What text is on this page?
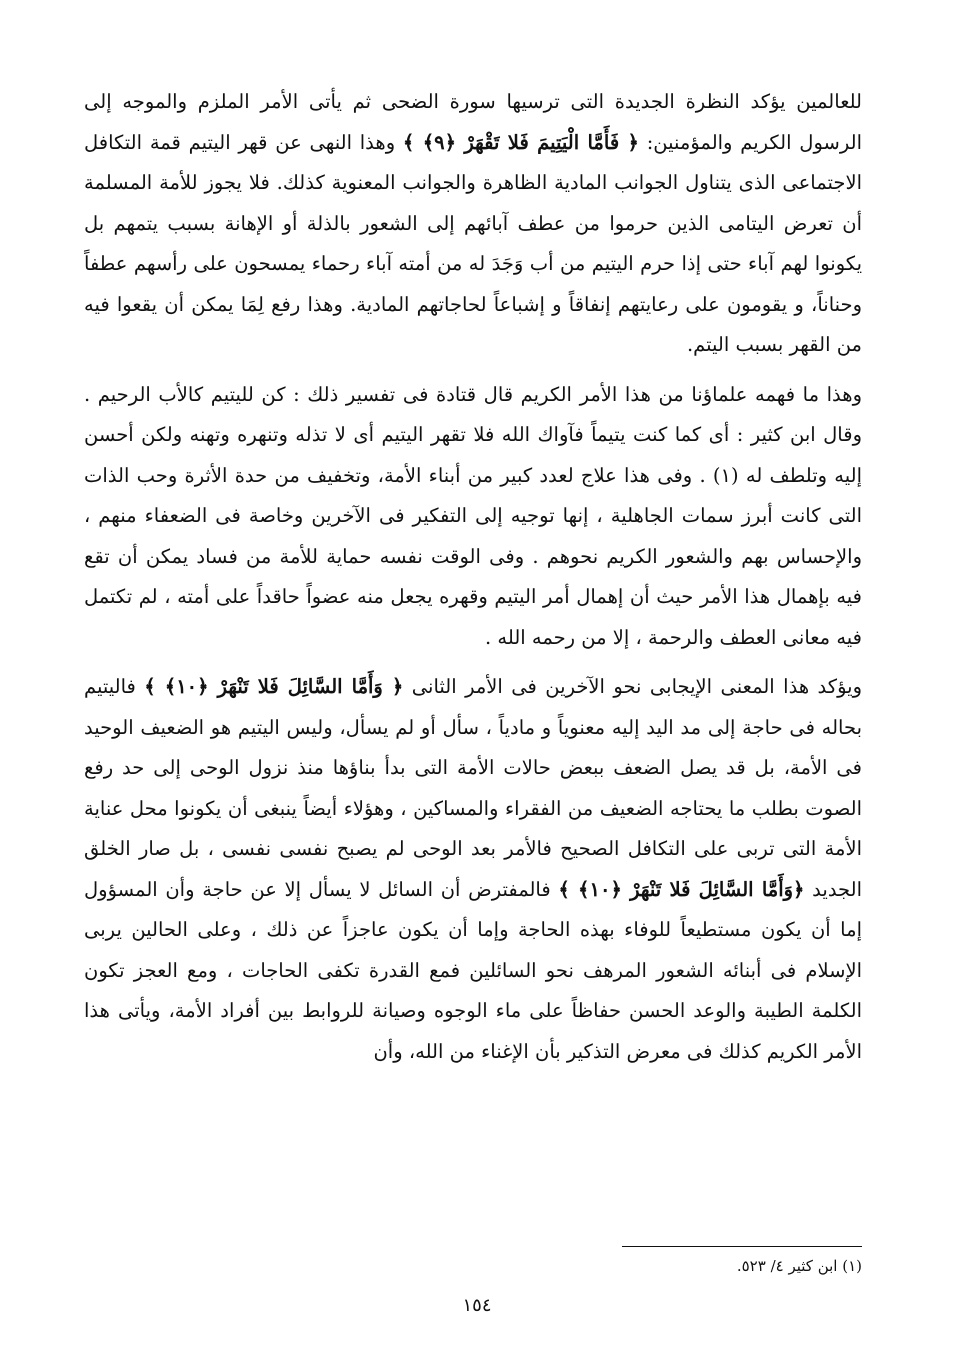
للعالمين يؤكد النظرة الجديدة التى ترسيها سورة الضحى ثم يأتى الأمر الملزم والموجه إلى الرسول الكريم والمؤمنين: ﴿ فَأَمَّا الْيَتِيمَ فَلا تَقْهَرْ ﴿٩﴾ ﴾ وهذا النهى عن قهر اليتيم قمة التكافل الاجتماعى الذى يتناول الجوانب المادية الظاهرة والجوانب المعنوية كذلك. فلا يجوز للأمة المسلمة أن تعرض اليتامى الذين حرموا من عطف آبائهم إلى الشعور بالذلة أو الإهانة بسبب يتمهم بل يكونوا لهم آباء حتى إذا حرم اليتيم من أب وَجَدَ له من أمته آباء رحماء يمسحون على رأسهم عطفاً وحناناً، و يقومون على رعايتهم إنفاقاً و إشباعاً لحاجاتهم المادية. وهذا رفع لِمَا يمكن أن يقعوا فيه من القهر بسبب اليتم.

وهذا ما فهمه علماؤنا من هذا الأمر الكريم قال قتادة فى تفسير ذلك : كن لليتيم كالأب الرحيم . وقال ابن كثير : أى كما كنت يتيماً فآواك الله فلا تقهر اليتيم أى لا تذله وتنهره وتهنه ولكن أحسن إليه وتلطف له (١) . وفى هذا علاج لعدد كبير من أبناء الأمة، وتخفيف من حدة الأثرة وحب الذات التى كانت أبرز سمات الجاهلية ، إنها توجيه إلى التفكير فى الآخرين وخاصة فى الضعفاء منهم ، والإحساس بهم والشعور الكريم نحوهم . وفى الوقت نفسه حماية للأمة من فساد يمكن أن تقع فيه بإهمال هذا الأمر حيث أن إهمال أمر اليتيم وقهره يجعل منه عضواً حاقداً على أمته ، لم تكتمل فيه معانى العطف والرحمة ، إلا من رحمه الله .

ويؤكد هذا المعنى الإيجابى نحو الآخرين فى الأمر الثانى ﴿ وَأَمَّا السَّائِلَ فَلا تَنْهَرْ ﴿١٠﴾ ﴾ فاليتيم بحاله فى حاجة إلى مد اليد إليه معنوياً و مادياً ، سأل أو لم يسأل، وليس اليتيم هو الضعيف الوحيد فى الأمة، بل قد يصل الضعف ببعض حالات الأمة التى بدأ بناؤها منذ نزول الوحى إلى حد رفع الصوت بطلب ما يحتاجه الضعيف من الفقراء والمساكين ، وهؤلاء أيضاً ينبغى أن يكونوا محل عناية الأمة التى تربى على التكافل الصحيح فالأمر بعد الوحى لم يصبح نفسى نفسى ، بل صار الخلق الجديد ﴿وَأَمَّا السَّائِلَ فَلا تَنْهَرْ ﴿١٠﴾ ﴾ فالمفترض أن السائل لا يسأل إلا عن حاجة وأن المسؤول إما أن يكون مستطيعاً للوفاء بهذه الحاجة وإما أن يكون عاجزاً عن ذلك ، وعلى الحالين يربى الإسلام فى أبنائه الشعور المرهف نحو السائلين فمع القدرة تكفى الحاجات ، ومع العجز تكون الكلمة الطيبة والوعد الحسن حفاظاً على ماء الوجوه وصيانة للروابط بين أفراد الأمة، ويأتى هذا الأمر الكريم كذلك فى معرض التذكير بأن الإغناء من الله، وأن

(١) ابن كثير ٤/ ٥٢٣.
١٥٤
